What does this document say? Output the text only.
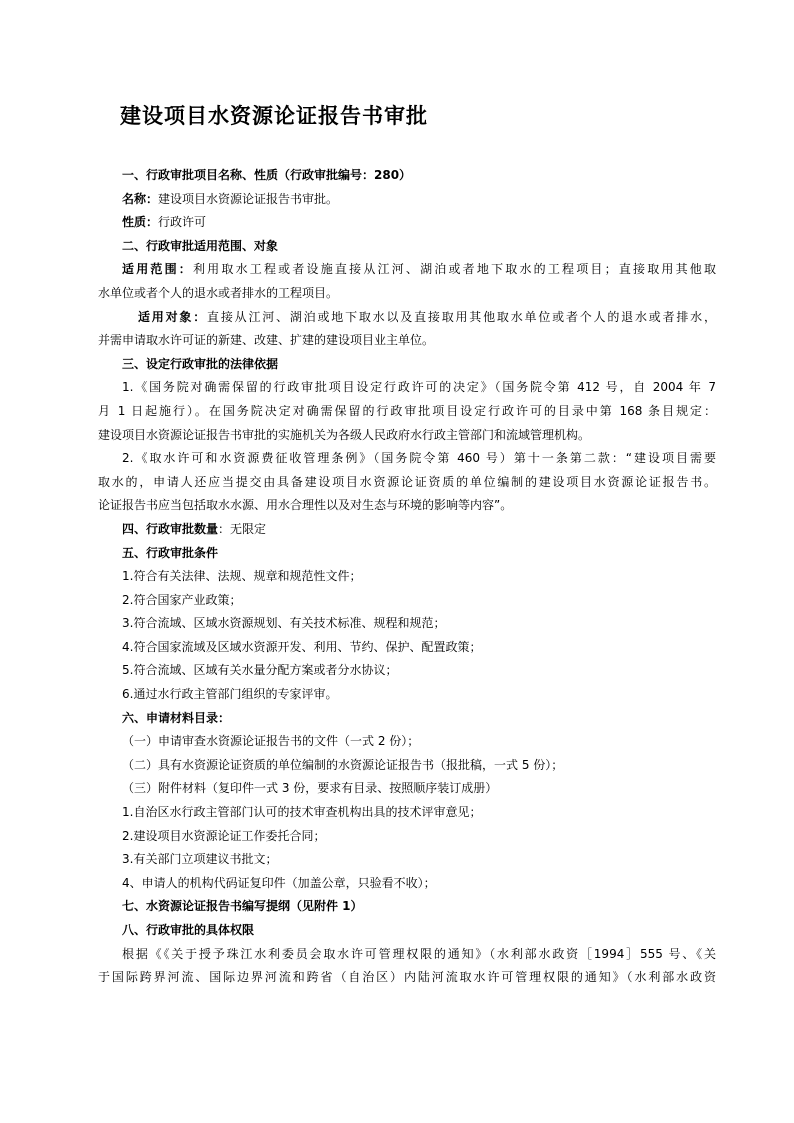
建设项目水资源论证报告书审批
一、行政审批项目名称、性质（行政审批编号：280）
名称：建设项目水资源论证报告书审批。
性质：行政许可
二、行政审批适用范围、对象
适用范围：利用取水工程或者设施直接从江河、湖泊或者地下取水的工程项目；直接取用其他取
水单位或者个人的退水或者排水的工程项目。
适用对象：直接从江河、湖泊或地下取水以及直接取用其他取水单位或者个人的退水或者排水，
并需申请取水许可证的新建、改建、扩建的建设项目业主单位。
三、设定行政审批的法律依据
1.《国务院对确需保留的行政审批项目设定行政许可的决定》（国务院令第 412 号，自 2004 年 7
月 1 日起施行）。在国务院决定对确需保留的行政审批项目设定行政许可的目录中第 168 条目规定：
建设项目水资源论证报告书审批的实施机关为各级人民政府水行政主管部门和流域管理机构。
2.《取水许可和水资源费征收管理条例》（国务院令第 460 号）第十一条第二款：“建设项目需要
取水的，申请人还应当提交由具备建设项目水资源论证资质的单位编制的建设项目水资源论证报告书。
论证报告书应当包括取水水源、用水合理性以及对生态与环境的影响等内容”。
四、行政审批数量：无限定
五、行政审批条件
1.符合有关法律、法规、规章和规范性文件；
2.符合国家产业政策；
3.符合流域、区域水资源规划、有关技术标准、规程和规范；
4.符合国家流域及区域水资源开发、利用、节约、保护、配置政策；
5.符合流域、区域有关水量分配方案或者分水协议；
6.通过水行政主管部门组织的专家评审。
六、申请材料目录：
（一）申请审查水资源论证报告书的文件（一式 2 份）；
（二）具有水资源论证资质的单位编制的水资源论证报告书（报批稿，一式 5 份）；
（三）附件材料（复印件一式 3 份，要求有目录、按照顺序装订成册）
1.自治区水行政主管部门认可的技术审查机构出具的技术评审意见；
2.建设项目水资源论证工作委托合同；
3.有关部门立项建议书批文；
4、申请人的机构代码证复印件（加盖公章，只验看不收）；
七、水资源论证报告书编写提纲（见附件 1）
八、行政审批的具体权限
根据《《关于授予珠江水利委员会取水许可管理权限的通知》（水利部水政资［1994］555 号、《关
于国际跨界河流、国际边界河流和跨省（自治区）内陆河流取水许可管理权限的通知》（水利部水政资
